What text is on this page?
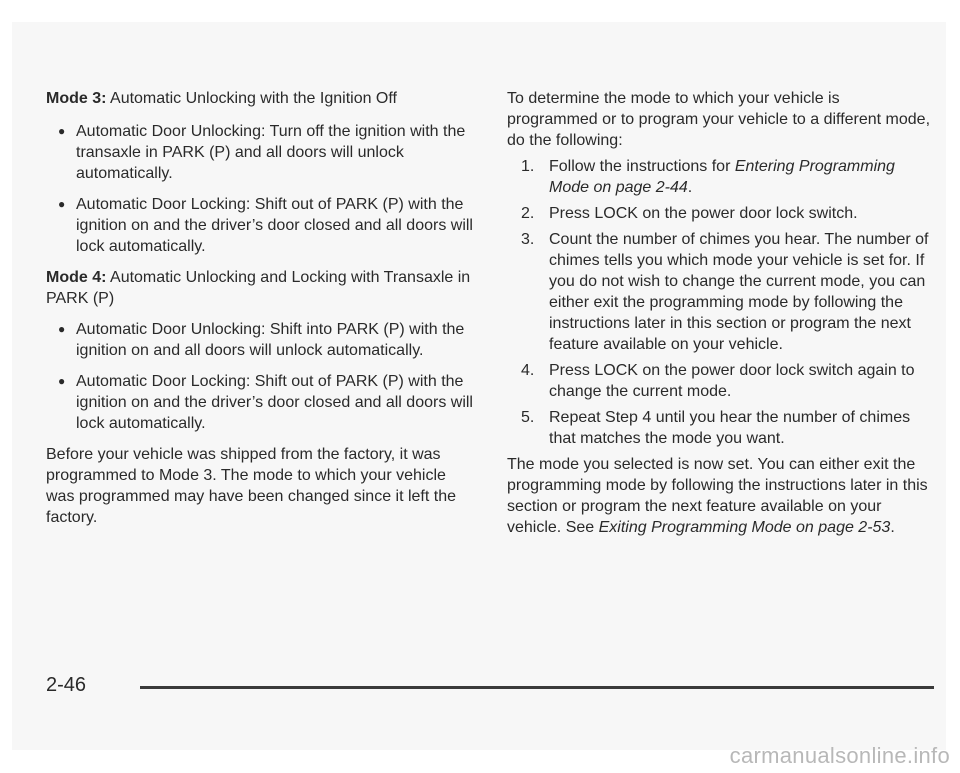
Mode 3: Automatic Unlocking with the Ignition Off

● Automatic Door Unlocking: Turn off the ignition with the transaxle in PARK (P) and all doors will unlock automatically.
● Automatic Door Locking: Shift out of PARK (P) with the ignition on and the driver’s door closed and all doors will lock automatically.

Mode 4: Automatic Unlocking and Locking with Transaxle in PARK (P)

● Automatic Door Unlocking: Shift into PARK (P) with the ignition on and all doors will unlock automatically.
● Automatic Door Locking: Shift out of PARK (P) with the ignition on and the driver’s door closed and all doors will lock automatically.

Before your vehicle was shipped from the factory, it was programmed to Mode 3. The mode to which your vehicle was programmed may have been changed since it left the factory.

To determine the mode to which your vehicle is programmed or to program your vehicle to a different mode, do the following:

1. Follow the instructions for Entering Programming Mode on page 2-44.
2. Press LOCK on the power door lock switch.
3. Count the number of chimes you hear. The number of chimes tells you which mode your vehicle is set for. If you do not wish to change the current mode, you can either exit the programming mode by following the instructions later in this section or program the next feature available on your vehicle.
4. Press LOCK on the power door lock switch again to change the current mode.
5. Repeat Step 4 until you hear the number of chimes that matches the mode you want.

The mode you selected is now set. You can either exit the programming mode by following the instructions later in this section or program the next feature available on your vehicle. See Exiting Programming Mode on page 2-53.

2-46
carmanualsonline.info
